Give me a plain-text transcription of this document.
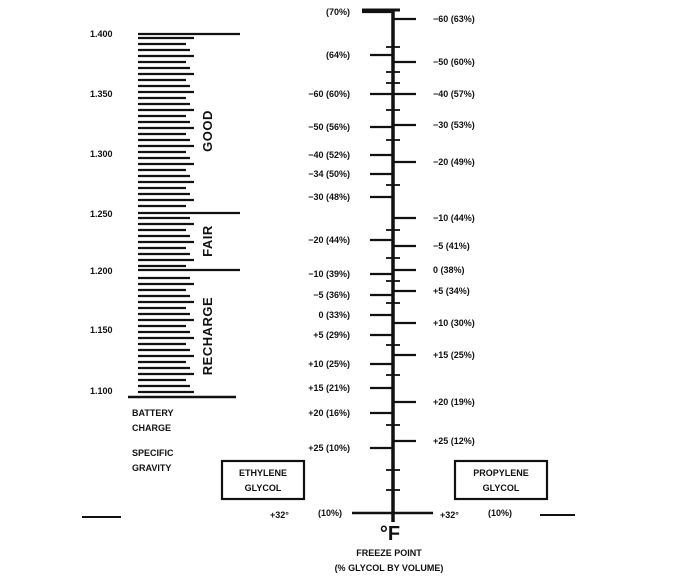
1.400
1.350
1.300
1.250
1.200
1.150
1.100
GOOD
FAIR
RECHARGE
BATTERY
CHARGE
SPECIFIC
GRAVITY
(70%)
(64%)
−60 (60%)
−50 (56%)
−40 (52%)
−34 (50%)
−30 (48%)
−20 (44%)
−10 (39%)
−5 (36%)
0 (33%)
+5 (29%)
+10 (25%)
+15 (21%)
+20 (16%)
+25 (10%)
−60 (63%)
−50 (60%)
−40 (57%)
−30 (53%)
−20 (49%)
−10 (44%)
−5 (41%)
0 (38%)
+5 (34%)
+10 (30%)
+15 (25%)
+20 (19%)
+25 (12%)
+32°	(10%)	+32°	(10%)
°F
FREEZE POINT
(% GLYCOL BY VOLUME)
ETHYLENE
GLYCOL
PROPYLENE
GLYCOL
